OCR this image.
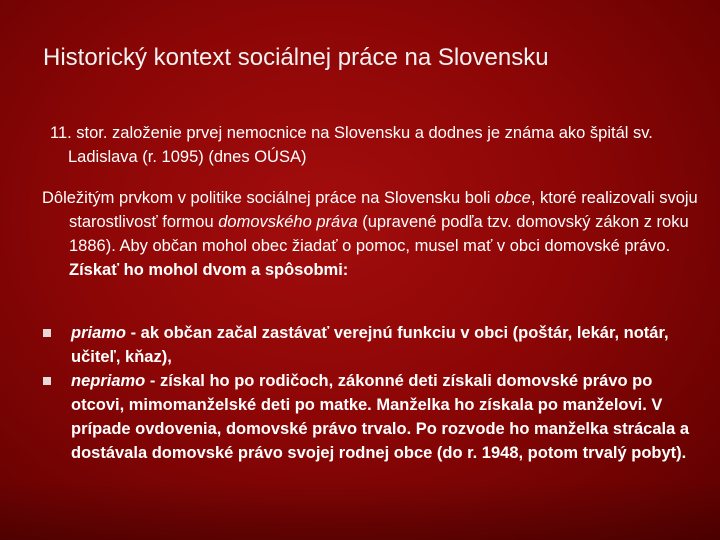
Historický kontext sociálnej práce na Slovensku

11. stor. založenie prvej nemocnice na Slovensku a dodnes je známa ako špitál sv. Ladislava (r. 1095) (dnes OÚSA)

Dôležitým prvkom v politike sociálnej práce na Slovensku boli obce, ktoré realizovali svoju starostlivosť formou domovského práva (upravené podľa tzv. domovský zákon z roku 1886). Aby občan mohol obec žiadať o pomoc, musel mať v obci domovské právo. Získať ho mohol dvom a spôsobmi:

priamo - ak občan začal zastávať verejnú funkciu v obci (poštár, lekár, notár, učiteľ, kňaz),
nepriamo - získal ho po rodičoch, zákonné deti získali domovské právo po otcovi, mimomanželské deti po matke. Manželka ho získala po manželovi. V prípade ovdovenia, domovské právo trvalo. Po rozvode ho manželka strácala a dostávala domovské právo svojej rodnej obce (do r. 1948, potom trvalý pobyt).
